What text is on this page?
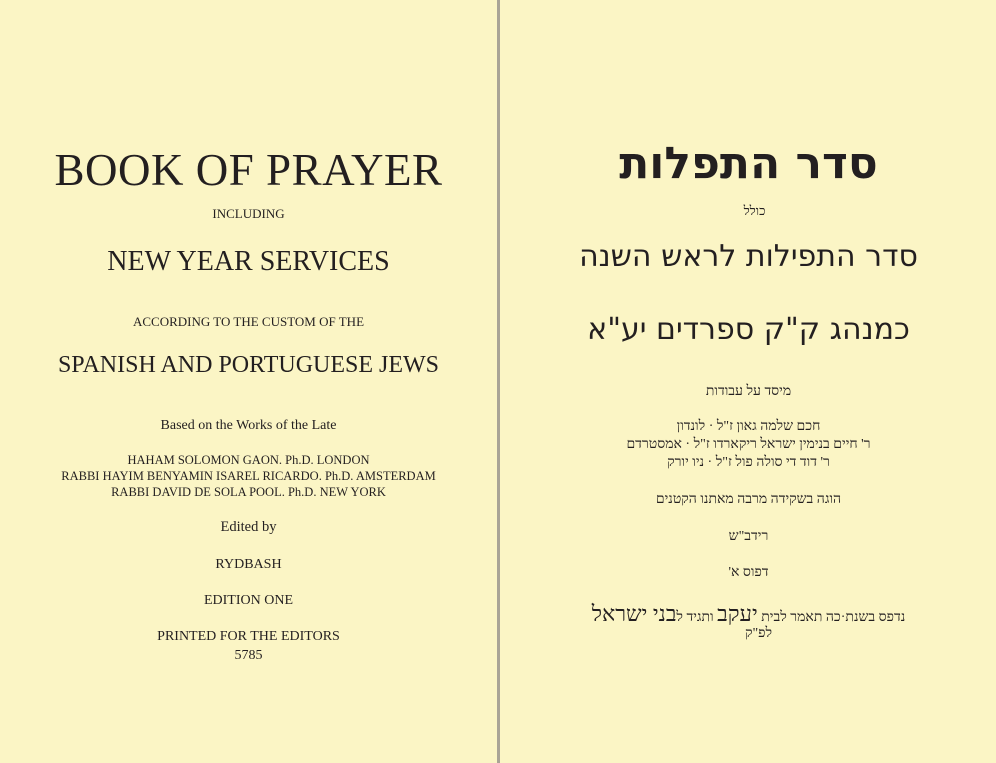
BOOK OF PRAYER
INCLUDING
NEW YEAR SERVICES
ACCORDING TO THE CUSTOM OF THE
SPANISH AND PORTUGUESE JEWS
Based on the Works of the Late
HAHAM SOLOMON GAON. Ph.D. LONDON
RABBI HAYIM BENYAMIN ISAREL RICARDO. Ph.D. AMSTERDAM
RABBI DAVID DE SOLA POOL. Ph.D. NEW YORK
Edited by
RYDBASH
EDITION ONE
PRINTED FOR THE EDITORS
5785
סדר התפלות
כולל
סדר התפילות לראש השנה
כמנהג ק"ק ספרדים יע"א
מיסד על עבודות
חכם שלמה גאון ז"ל · לונדון
ר' חיים בנימין ישראל ריקארדו ז"ל · אמסטרדם
ר' דוד די סולה פול ז"ל · ניו יורק
הוגה בשקידה מרבה מאתנו הקטנים
רידב"ש
דפוס א'
נדפס בשנת·כה תאמר לבית יעקב ותגיד לבני ישראל
לפ"ק
